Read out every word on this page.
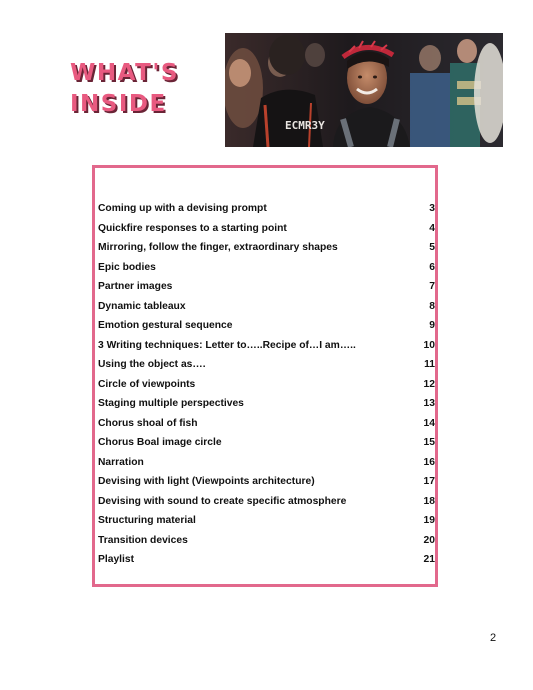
WHAT'S
INSIDE
ECMR3Y
Coming up with a devising prompt	3
Quickfire responses to a starting point	4
Mirroring, follow the finger, extraordinary shapes	5
Epic bodies	6
Partner images	7
Dynamic tableaux	8
Emotion gestural sequence	9
3 Writing techniques: Letter to…..Recipe of…I am…..	10
Using the object as….	11
Circle of viewpoints	12
Staging multiple perspectives	13
Chorus shoal of fish	14
Chorus Boal image circle	15
Narration	16
Devising with light (Viewpoints architecture)	17
Devising with sound to create specific atmosphere	18
Structuring material	19
Transition devices	20
Playlist	21
2
